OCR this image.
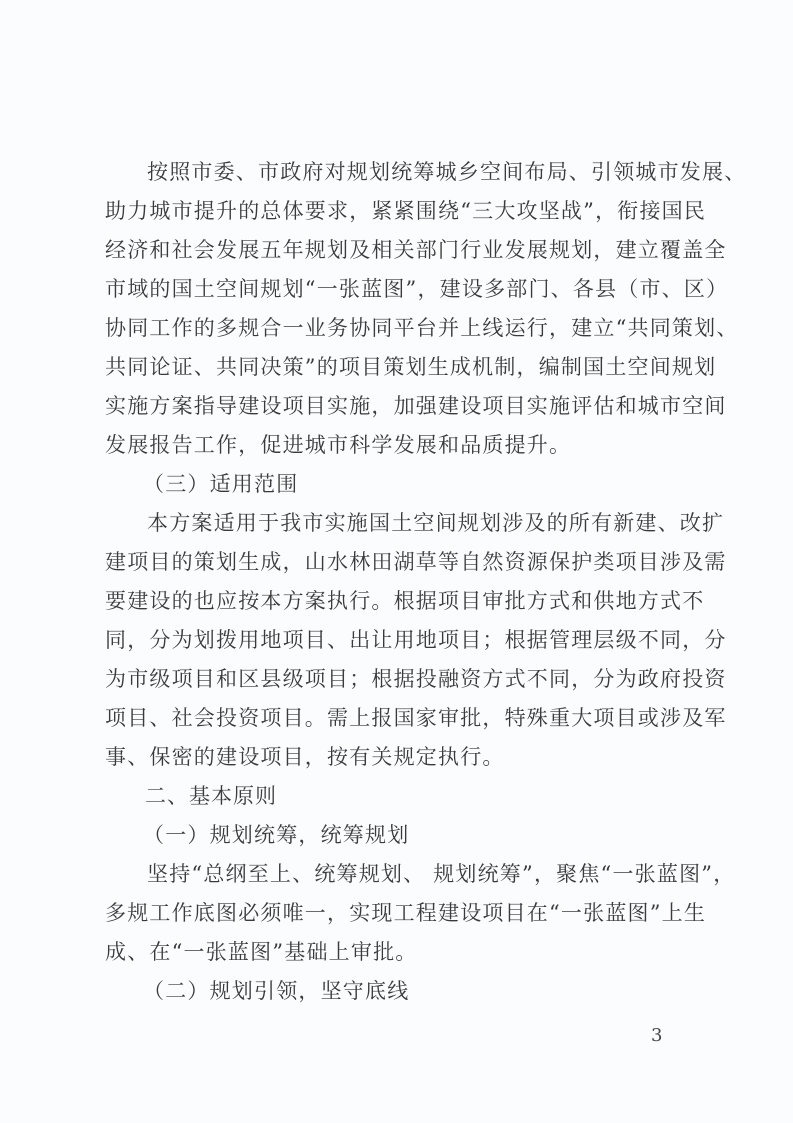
按照市委、市政府对规划统筹城乡空间布局、引领城市发展、
助力城市提升的总体要求，紧紧围绕“三大攻坚战”，衔接国民
经济和社会发展五年规划及相关部门行业发展规划，建立覆盖全
市域的国土空间规划“一张蓝图”，建设多部门、各县（市、区）
协同工作的多规合一业务协同平台并上线运行，建立“共同策划、
共同论证、共同决策”的项目策划生成机制，编制国土空间规划
实施方案指导建设项目实施，加强建设项目实施评估和城市空间
发展报告工作，促进城市科学发展和品质提升。
（三）适用范围
本方案适用于我市实施国土空间规划涉及的所有新建、改扩
建项目的策划生成，山水林田湖草等自然资源保护类项目涉及需
要建设的也应按本方案执行。根据项目审批方式和供地方式不
同，分为划拨用地项目、出让用地项目；根据管理层级不同，分
为市级项目和区县级项目；根据投融资方式不同，分为政府投资
项目、社会投资项目。需上报国家审批，特殊重大项目或涉及军
事、保密的建设项目，按有关规定执行。
二、基本原则
（一）规划统筹，统筹规划
坚持“总纲至上、统筹规划、 规划统筹”，聚焦“一张蓝图”，
多规工作底图必须唯一，实现工程建设项目在“一张蓝图”上生
成、在“一张蓝图”基础上审批。
（二）规划引领，坚守底线
3
